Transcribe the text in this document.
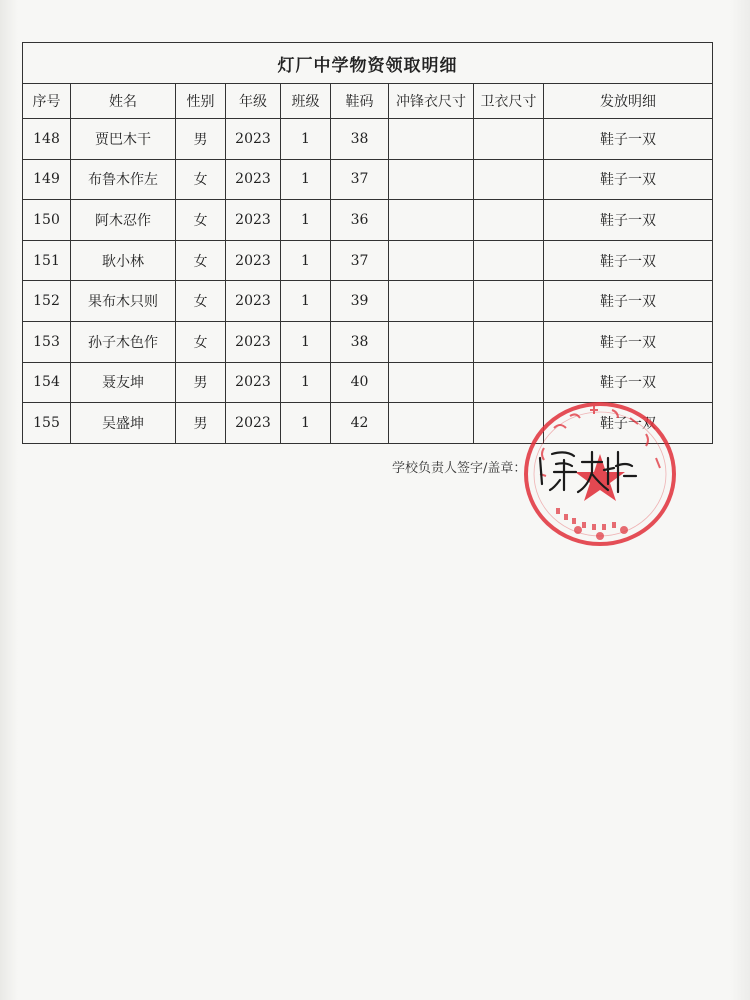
灯厂中学物资领取明细								
序号	姓名	性别	年级	班级	鞋码	冲锋衣尺寸	卫衣尺寸	发放明细
148	贾巴木干	男	2023	1	38			鞋子一双
149	布鲁木作左	女	2023	1	37			鞋子一双
150	阿木忍作	女	2023	1	36			鞋子一双
151	耿小林	女	2023	1	37			鞋子一双
152	果布木只则	女	2023	1	39			鞋子一双
153	孙子木色作	女	2023	1	38			鞋子一双
154	聂友坤	男	2023	1	40			鞋子一双
155	吴盛坤	男	2023	1	42			鞋子一双
学校负责人签字/盖章：
